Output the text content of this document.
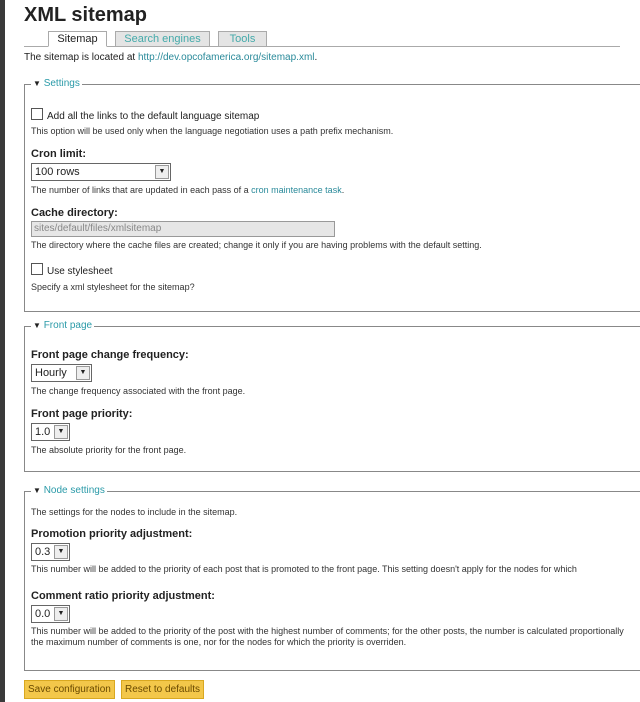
XML sitemap
Sitemap	Search engines	Tools
The sitemap is located at http://dev.opcofamerica.org/sitemap.xml.
▼ Settings
Add all the links to the default language sitemap
This option will be used only when the language negotiation uses a path prefix mechanism.
Cron limit:
100 rows	▼
The number of links that are updated in each pass of a cron maintenance task.
Cache directory:
sites/default/files/xmlsitemap
The directory where the cache files are created; change it only if you are having problems with the default setting.
Use stylesheet
Specify a xml stylesheet for the sitemap?
▼ Front page
Front page change frequency:
Hourly	▼
The change frequency associated with the front page.
Front page priority:
1.0	▼
The absolute priority for the front page.
▼ Node settings
The settings for the nodes to include in the sitemap.
Promotion priority adjustment:
0.3	▼
This number will be added to the priority of each post that is promoted to the front page. This setting doesn't apply for the nodes for which
Comment ratio priority adjustment:
0.0	▼
This number will be added to the priority of the post with the highest number of comments; for the other posts, the number is calculated proportionally the maximum number of comments is one, nor for the nodes for which the priority is overriden.
Save configuration	Reset to defaults
